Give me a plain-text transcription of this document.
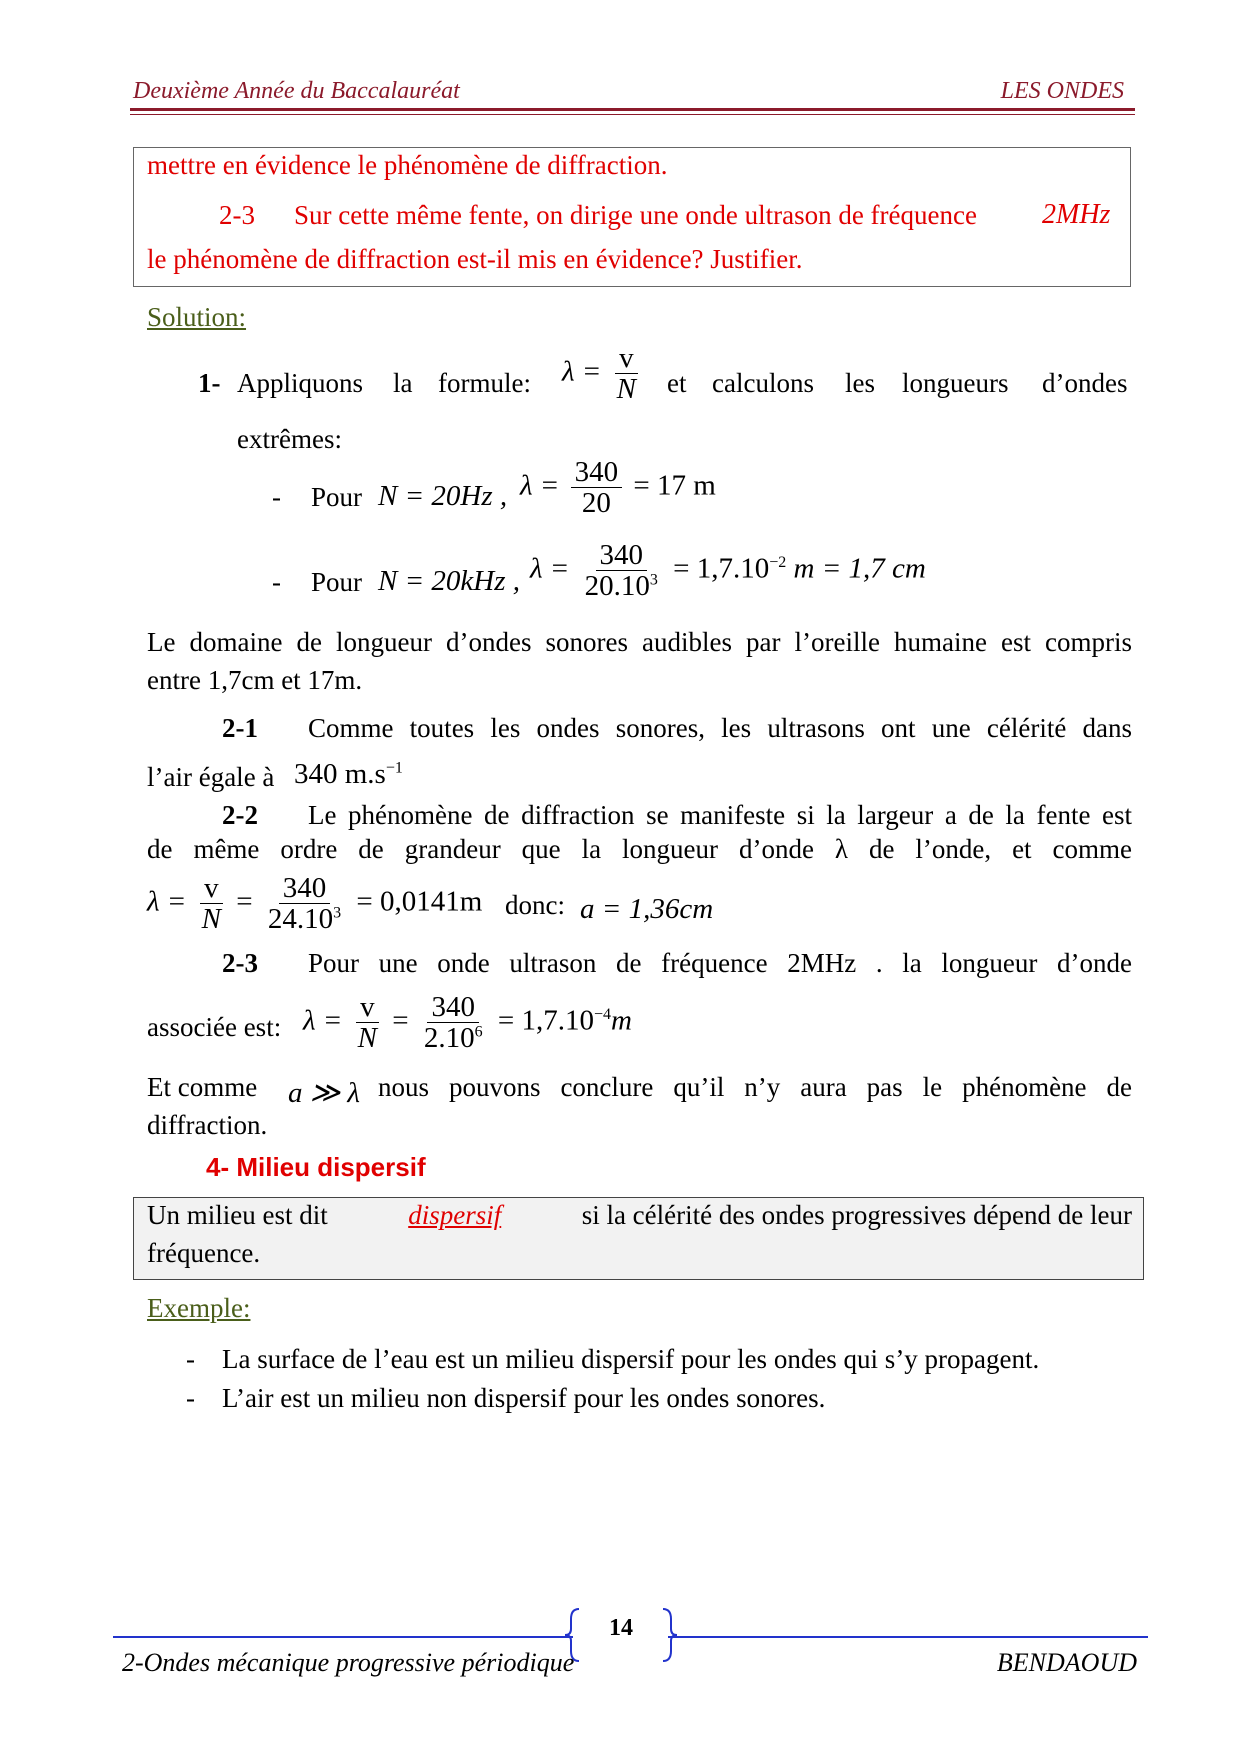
Deuxième Année du Baccalauréat	LES ONDES
mettre en évidence le phénomène de diffraction.
2-3 Sur cette même fente, on dirige une onde ultrason de fréquence 2MHz
le phénomène de diffraction est-il mis en évidence? Justifier.
Solution:
1- Appliquons la formule: $\lambda = \frac{v}{N}$ et calculons les longueurs d’ondes
extrêmes:
- Pour N = 20Hz , $\lambda = \frac{340}{20} = 17$ m
- Pour N = 20kHz , $\lambda = \frac{340}{20.10^3} = 1,7.10^{-2}$ m = 1,7 cm
Le domaine de longueur d’ondes sonores audibles par l’oreille humaine est compris
entre 1,7cm et 17m.
2-1 Comme toutes les ondes sonores, les ultrasons ont une célérité dans
l’air égale à 340 $m.s^{-1}$
2-2 Le phénomène de diffraction se manifeste si la largeur a de la fente est
de même ordre de grandeur que la longueur d’onde λ de l’onde, et comme
$\lambda = \frac{v}{N} = \frac{340}{24.10^3} = 0,0141m$ donc: a = 1,36cm
2-3 Pour une onde ultrason de fréquence 2MHz . la longueur d’onde
associée est: $\lambda = \frac{v}{N} = \frac{340}{2.10^6} = 1,7.10^{-4}m$
Et comme a ≫ λ nous pouvons conclure qu’il n’y aura pas le phénomène de
diffraction.
4- Milieu dispersif
Un milieu est dit	dispersif	si la célérité des ondes progressives dépend de leur
fréquence.
Exemple:
- La surface de l’eau est un milieu dispersif pour les ondes qui s’y propagent.
- L’air est un milieu non dispersif pour les ondes sonores.
14
2-Ondes mécanique progressive périodique	BENDAOUD
